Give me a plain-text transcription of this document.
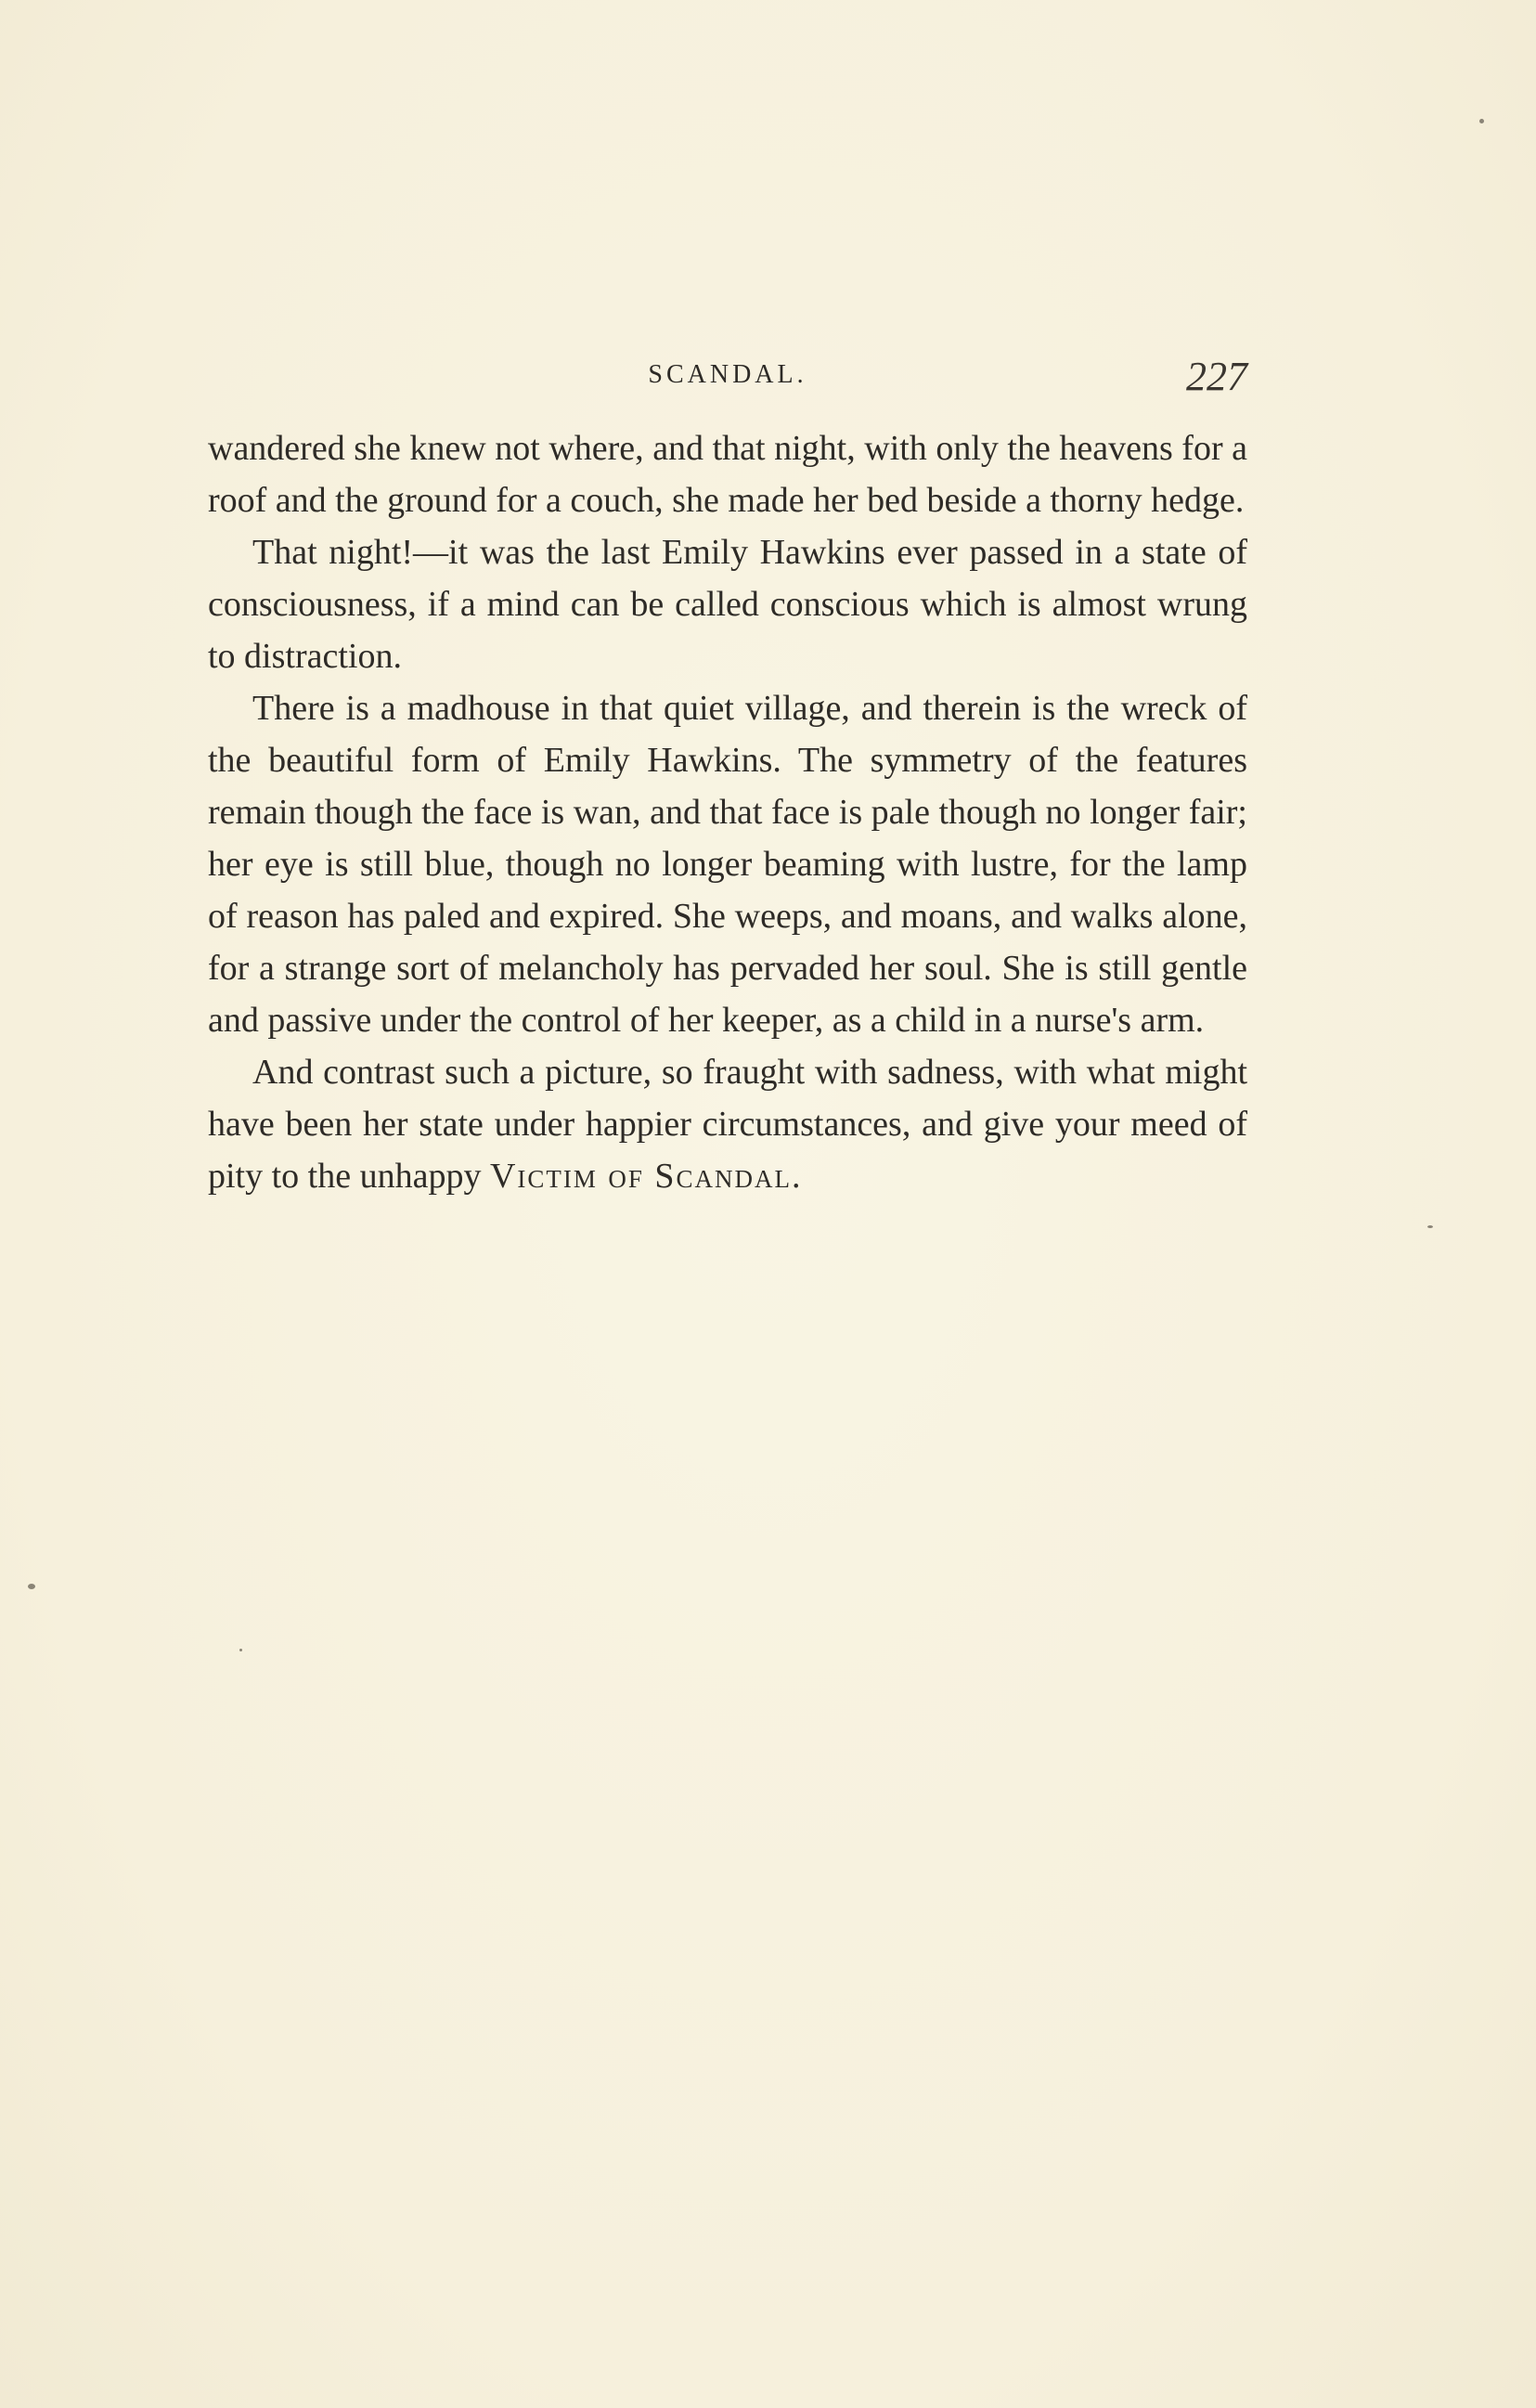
SCANDAL.	227

wandered she knew not where, and that night, with only the heavens for a roof and the ground for a couch, she made her bed beside a thorny hedge.

That night!—it was the last Emily Hawkins ever passed in a state of consciousness, if a mind can be called conscious which is almost wrung to distraction.

There is a madhouse in that quiet village, and therein is the wreck of the beautiful form of Emily Hawkins. The symmetry of the features remain though the face is wan, and that face is pale though no longer fair; her eye is still blue, though no longer beaming with lustre, for the lamp of reason has paled and expired. She weeps, and moans, and walks alone, for a strange sort of melancholy has pervaded her soul. She is still gentle and passive under the control of her keeper, as a child in a nurse's arm.

And contrast such a picture, so fraught with sadness, with what might have been her state under happier circumstances, and give your meed of pity to the unhappy Victim of Scandal.
